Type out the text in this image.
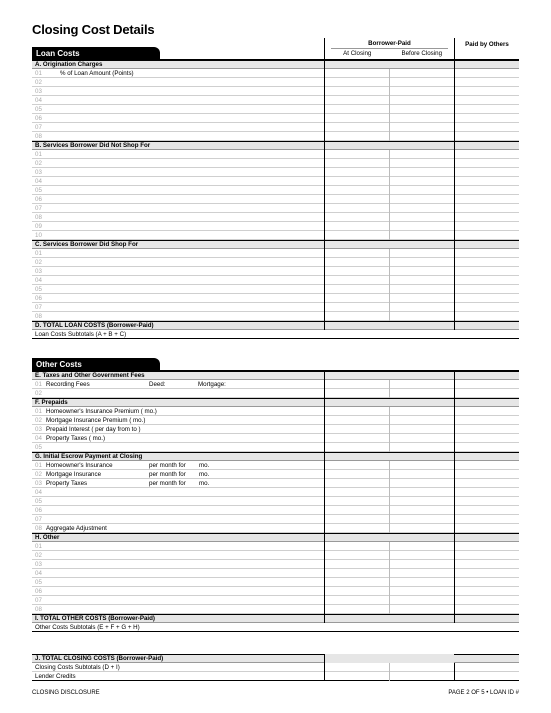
Closing Cost Details
Loan Costs
Borrower-Paid
At Closing	Before Closing
Paid by Others
A. Origination Charges
01	% of Loan Amount (Points)
02
03
04
05
06
07
08
B. Services Borrower Did Not Shop For
01
02
03
04
05
06
07
08
09
10
C. Services Borrower Did Shop For
01
02
03
04
05
06
07
08
D. TOTAL LOAN COSTS (Borrower-Paid)
Loan Costs Subtotals (A + B + C)
Other Costs
E. Taxes and Other Government Fees
01 Recording Fees	Deed:	Mortgage:
02
F. Prepaids
01 Homeowner's Insurance Premium ( mo.)
02 Mortgage Insurance Premium ( mo.)
03 Prepaid Interest ( per day from to )
04 Property Taxes ( mo.)
05
G. Initial Escrow Payment at Closing
01 Homeowner's Insurance	per month for mo.
02 Mortgage Insurance	per month for mo.
03 Property Taxes	per month for mo.
04
05
06
07
08 Aggregate Adjustment
H. Other
01
02
03
04
05
06
07
08
I. TOTAL OTHER COSTS (Borrower-Paid)
Other Costs Subtotals (E + F + G + H)
J. TOTAL CLOSING COSTS (Borrower-Paid)
Closing Costs Subtotals (D + I)
Lender Credits
CLOSING DISCLOSURE	PAGE 2 OF 5 • LOAN ID #
